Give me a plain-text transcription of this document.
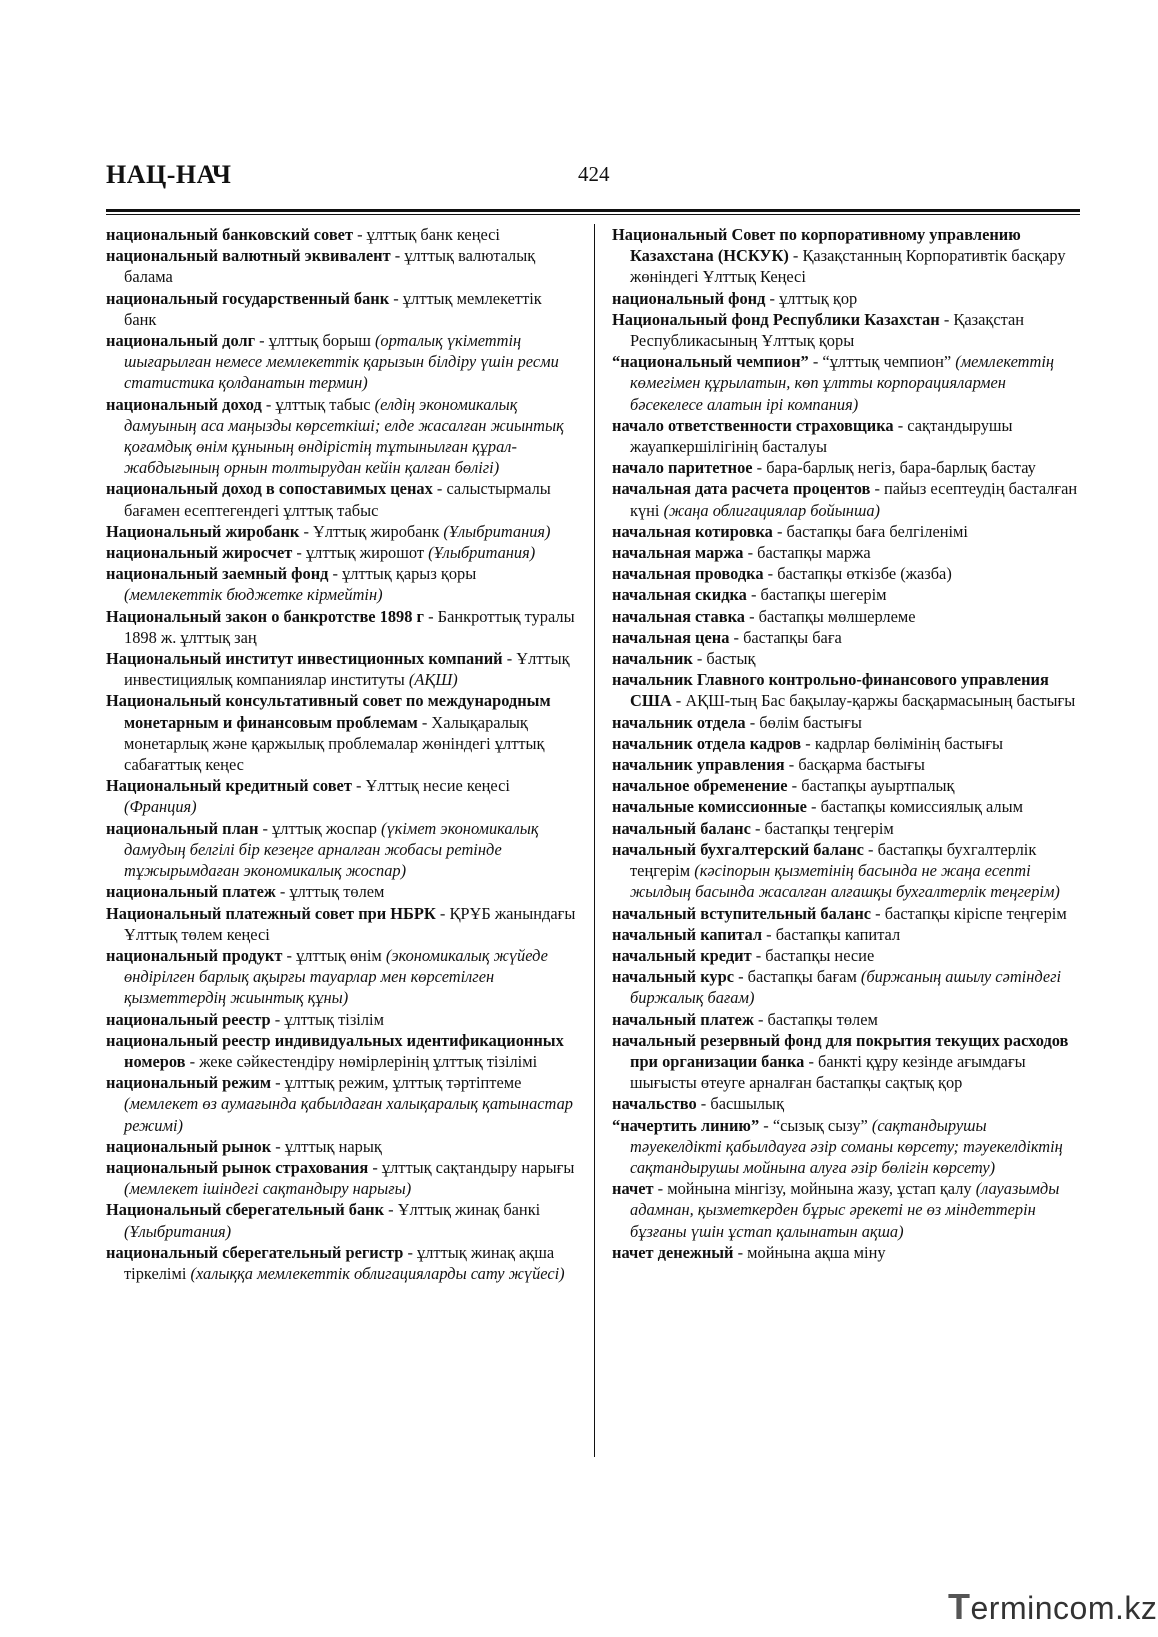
НАЦ-НАЧ	424

национальный банковский совет - ұлттық банк кеңесі

национальный валютный эквивалент - ұлттық валюталық балама

национальный государственный банк - ұлттық мемлекеттік банк

национальный долг - ұлттық борыш (орталық үкіметтің шығарылған немесе мемлекеттік қарызын білдіру үшін ресми статистика қолданатын термин)

национальный доход - ұлттық табыс (елдің экономикалық дамуының аса маңызды көрсеткіші; елде жасалған жиынтық қоғамдық өнім құнының өндірістің тұтынылған құрал-жабдығының орнын толтырудан кейін қалған бөлігі)

национальный доход в сопоставимых ценах - салыстырмалы бағамен есептегендегі ұлттық табыс

Национальный жиробанк - Ұлттық жиробанк (Ұлыбритания)

национальный жиросчет - ұлттық жирошот (Ұлыбритания)

национальный заемный фонд - ұлттық қарыз қоры (мемлекеттік бюджетке кірмейтін)

Национальный закон о банкротстве 1898 г - Банкроттық туралы 1898 ж. ұлттық заң

Национальный институт инвестиционных компаний - Ұлттық инвестициялық компаниялар институты (АҚШ)

Национальный консультативный совет по международным монетарным и финансовым проблемам - Халықаралық монетарлық және қаржылық проблемалар жөніндегі ұлттық сабағаттық кеңес

Национальный кредитный совет - Ұлттық несие кеңесі (Франция)

национальный план - ұлттық жоспар (үкімет экономикалық дамудың белгілі бір кезеңге арналған жобасы ретінде тұжырымдаған экономикалық жоспар)

национальный платеж - ұлттық төлем

Национальный платежный совет при НБРК - ҚРҰБ жанындағы Ұлттық төлем кеңесі

национальный продукт - ұлттық өнім (экономикалық жүйеде өндірілген барлық ақырғы тауарлар мен көрсетілген қызметтердің жиынтық құны)

национальный реестр - ұлттық тізілім

национальный реестр индивидуальных идентификационных номеров - жеке сәйкестендіру нөмірлерінің ұлттық тізілімі

национальный режим - ұлттық режим, ұлттық тәртіптеме (мемлекет өз аумағында қабылдаған халықаралық қатынастар режимі)

национальный рынок - ұлттық нарық

национальный рынок страхования - ұлттық сақтандыру нарығы (мемлекет ішіндегі сақтандыру нарығы)

Национальный сберегательный банк - Ұлттық жинақ банкі (Ұлыбритания)

национальный сберегательный регистр - ұлттық жинақ ақша тіркелімі (халыққа мемлекеттік облигацияларды сату жүйесі)

Национальный Совет по корпоративному управлению Казахстана (НСКУК) - Қазақстанның Корпоративтік басқару жөніндегі Ұлттық Кеңесі

национальный фонд - ұлттық қор

Национальный фонд Республики Казахстан - Қазақстан Республикасының Ұлттық қоры

“национальный чемпион” - “ұлттық чемпион” (мемлекеттің көмегімен құрылатын, көп ұлтты корпорациялармен бәсекелесе алатын ірі компания)

начало ответственности страховщика - сақтандырушы жауапкершілігінің басталуы

начало паритетное - бара-барлық негіз, бара-барлық бастау

начальная дата расчета процентов - пайыз есептеудің басталған күні (жаңа облигациялар бойынша)

начальная котировка - бастапқы баға белгіленімі

начальная маржа - бастапқы маржа

начальная проводка - бастапқы өткізбе (жазба)

начальная скидка - бастапқы шегерім

начальная ставка - бастапқы мөлшерлеме

начальная цена - бастапқы баға

начальник - бастық

начальник Главного контрольно-финансового управления США - АҚШ-тың Бас бақылау-қаржы басқармасының бастығы

начальник отдела - бөлім бастығы

начальник отдела кадров - кадрлар бөлімінің бастығы

начальник управления - басқарма бастығы

начальное обременение - бастапқы ауыртпалық

начальные комиссионные - бастапқы комиссиялық алым

начальный баланс - бастапқы теңгерім

начальный бухгалтерский баланс - бастапқы бухгалтерлік теңгерім (кәсіпорын қызметінің басында не жаңа есепті жылдың басында жасалған алғашқы бухгалтерлік теңгерім)

начальный вступительный баланс - бастапқы кіріспе теңгерім

начальный капитал - бастапқы капитал

начальный кредит - бастапқы несие

начальный курс - бастапқы бағам (биржаның ашылу сәтіндегі биржалық бағам)

начальный платеж - бастапқы төлем

начальный резервный фонд для покрытия текущих расходов при организации банка - банкті құру кезінде ағымдағы шығысты өтеуге арналған бастапқы сақтық қор

начальство - басшылық

“начертить линию” - “сызық сызу” (сақтандырушы тәуекелдікті қабылдауға әзір соманы көрсету; тәуекелдіктің сақтандырушы мойнына алуға әзір бөлігін көрсету)

начет - мойнына мінгізу, мойнына жазу, ұстап қалу (лауазымды адамнан, қызметкерден бұрыс әрекеті не өз міндеттерін бұзғаны үшін ұстап қалынатын ақша)

начет денежный - мойнына ақша міну

Termincom.kz
